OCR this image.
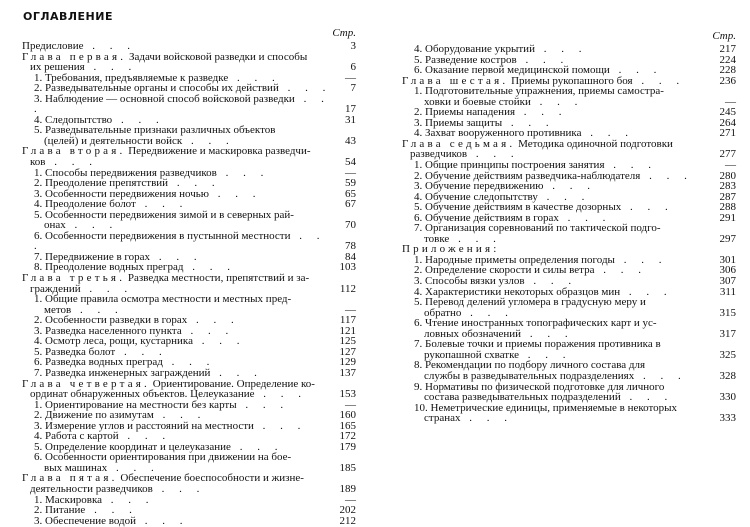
ОГЛАВЛЕНИЕ
Стр.
Предисловие . . .	3
Глава первая. Задачи войсковой разведки и способы
их решения . . .	6
1. Требования, предъявляемые к разведке . . .	—
2. Разведывательные органы и способы их действий . . .	7
3. Наблюдение — основной способ войсковой разведки . . .	17
4. Следопытство . . .	31
5. Разведывательные признаки различных объектов
(целей) и деятельности войск . . .	43
Глава вторая. Передвижение и маскировка разведчи-
ков . . .	54
1. Способы передвижения разведчиков . . .	—
2. Преодоление препятствий . . .	59
3. Особенности передвижения ночью . . .	65
4. Преодоление болот . . .	67
5. Особенности передвижения зимой и в северных рай-
онах . . .	70
6. Особенности передвижения в пустынной местности . . .	78
7. Передвижение в горах . . .	84
8. Преодоление водных преград . . .	103
Глава третья. Разведка местности, препятствий и за-
граждений . . .	112
1. Общие правила осмотра местности и местных пред-
метов . . .	—
2. Особенности разведки в горах . . .	117
3. Разведка населенного пункта . . .	121
4. Осмотр леса, рощи, кустарника . . .	125
5. Разведка болот . . .	127
6. Разведка водных преград . . .	129
7. Разведка инженерных заграждений . . .	137
Глава четвертая. Ориентирование. Определение ко-
ординат обнаруженных объектов. Целеуказание . . .	153
1. Ориентирование на местности без карты . . .	—
2. Движение по азимутам . . .	160
3. Измерение углов и расстояний на местности . . .	165
4. Работа с картой . . .	172
5. Определение координат и целеуказание . . .	179
6. Особенности ориентирования при движении на бое-
вых машинах . . .	185
Глава пятая. Обеспечение боеспособности и жизне-
деятельности разведчиков . . .	189
1. Маскировка . . .	—
2. Питание . . .	202
3. Обеспечение водой . . .	212
Стр.
4. Оборудование укрытий . . .	217
5. Разведение костров . . .	224
6. Оказание первой медицинской помощи . . .	228
Глава шестая. Приемы рукопашного боя . . .	236
1. Подготовительные упражнения, приемы самостра-
ховки и боевые стойки . . .	—
2. Приемы нападения . . .	245
3. Приемы защиты . . .	264
4. Захват вооруженного противника . . .	271
Глава седьмая. Методика одиночной подготовки
разведчиков . . .	277
1. Общие принципы построения занятия . . .	—
2. Обучение действиям разведчика-наблюдателя . . .	280
3. Обучение передвижению . . .	283
4. Обучение следопытству . . .	287
5. Обучение действиям в качестве дозорных . . .	288
6. Обучение действиям в горах . . .	291
7. Организация соревнований по тактической подго-
товке . . .	297
Приложения:
1. Народные приметы определения погоды . . .	301
2. Определение скорости и силы ветра . . .	306
3. Способы вязки узлов . . .	307
4. Характеристики некоторых образцов мин . . .	311
5. Перевод делений угломера в градусную меру и
обратно . . .	315
6. Чтение иностранных топографических карт и ус-
ловных обозначений . . .	317
7. Болевые точки и приемы поражения противника в
рукопашной схватке . . .	325
8. Рекомендации по подбору личного состава для
службы в разведывательных подразделениях . . .	328
9. Нормативы по физической подготовке для личного
состава разведывательных подразделений . . .	330
10. Неметрические единицы, применяемые в некоторых
странах . . .	333
